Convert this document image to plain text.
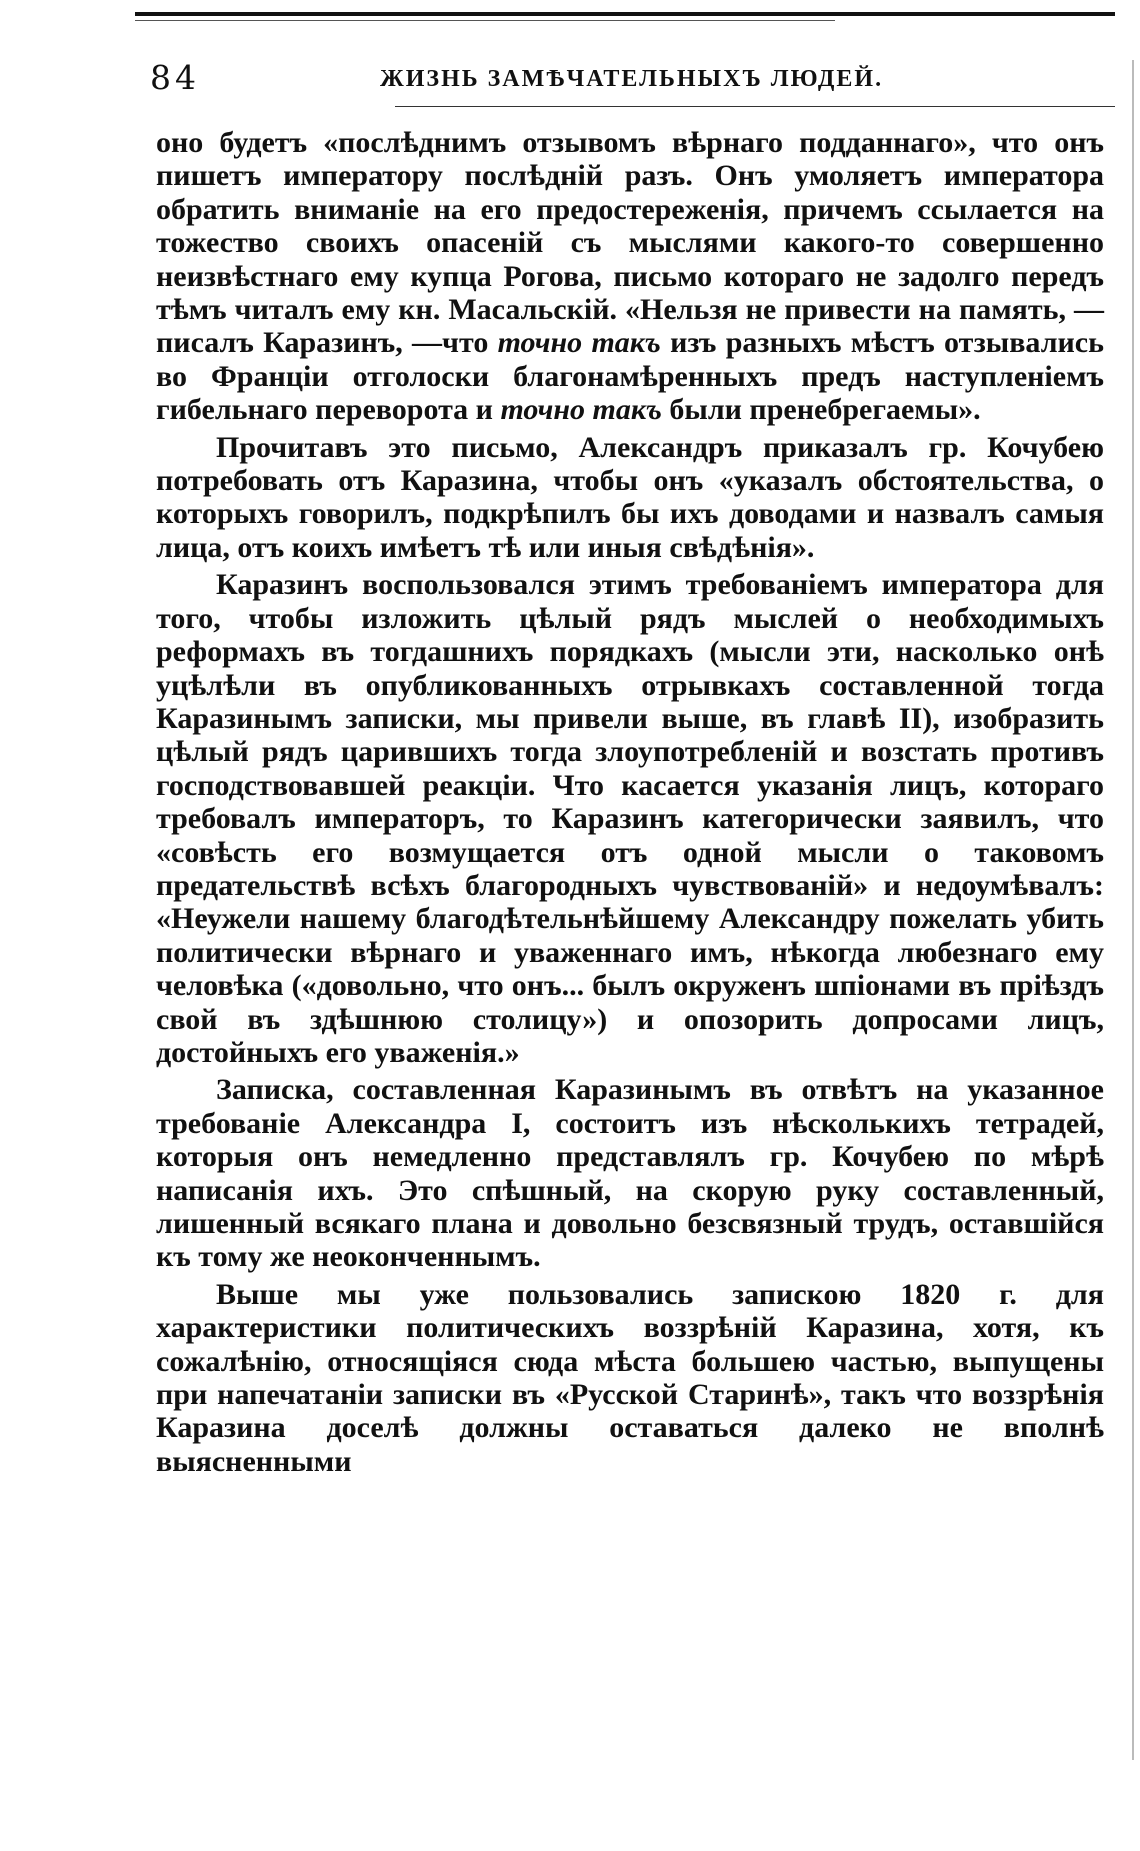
84	ЖИЗНЬ ЗАМѢЧАТЕЛЬНЫХЪ ЛЮДЕЙ.

оно будетъ «послѣднимъ отзывомъ вѣрнаго подданнаго», что онъ пишетъ императору послѣдній разъ. Онъ умоляетъ императора обратить вниманіе на его предостереженія, причемъ ссылается на тожество своихъ опасеній съ мыслями какого-то совершенно неизвѣстнаго ему купца Рогова, письмо котораго не задолго передъ тѣмъ читалъ ему кн. Масальскій. «Нельзя не привести на память, — писалъ Каразинъ, —что точно такъ изъ разныхъ мѣстъ отзывались во Франціи отголоски благонамѣренныхъ предъ наступленіемъ гибельнаго переворота и точно такъ были пренебрегаемы».

Прочитавъ это письмо, Александръ приказалъ гр. Кочубею потребовать отъ Каразина, чтобы онъ «указалъ обстоятельства, о которыхъ говорилъ, подкрѣпилъ бы ихъ доводами и назвалъ самыя лица, отъ коихъ имѣетъ тѣ или иныя свѣдѣнія».

Каразинъ воспользовался этимъ требованіемъ императора для того, чтобы изложить цѣлый рядъ мыслей о необходимыхъ реформахъ въ тогдашнихъ порядкахъ (мысли эти, насколько онѣ уцѣлѣли въ опубликованныхъ отрывкахъ составленной тогда Каразинымъ записки, мы привели выше, въ главѣ II), изобразить цѣлый рядъ царившихъ тогда злоупотребленій и возстать противъ господствовавшей реакціи. Что касается указанія лицъ, котораго требовалъ императоръ, то Каразинъ категорически заявилъ, что «совѣсть его возмущается отъ одной мысли о таковомъ предательствѣ всѣхъ благородныхъ чувствованій» и недоумѣвалъ: «Неужели нашему благодѣтельнѣйшему Александру пожелать убить политически вѣрнаго и уваженнаго имъ, нѣкогда любезнаго ему человѣка («довольно, что онъ... былъ окруженъ шпіонами въ пріѣздъ свой въ здѣшнюю столицу») и опозорить допросами лицъ, достойныхъ его уваженія.»

Записка, составленная Каразинымъ въ отвѣтъ на указанное требованіе Александра I, состоитъ изъ нѣсколькихъ тетрадей, которыя онъ немедленно представлялъ гр. Кочубею по мѣрѣ написанія ихъ. Это спѣшный, на скорую руку составленный, лишенный всякаго плана и довольно безсвязный трудъ, оставшійся къ тому же неоконченнымъ.

Выше мы уже пользовались запискою 1820 г. для характеристики политическихъ воззрѣній Каразина, хотя, къ сожалѣнію, относящіяся сюда мѣста большею частью, выпущены при напечатаніи записки въ «Русской Старинѣ», такъ что воззрѣнія Каразина доселѣ должны оставаться далеко не вполнѣ выясненными
